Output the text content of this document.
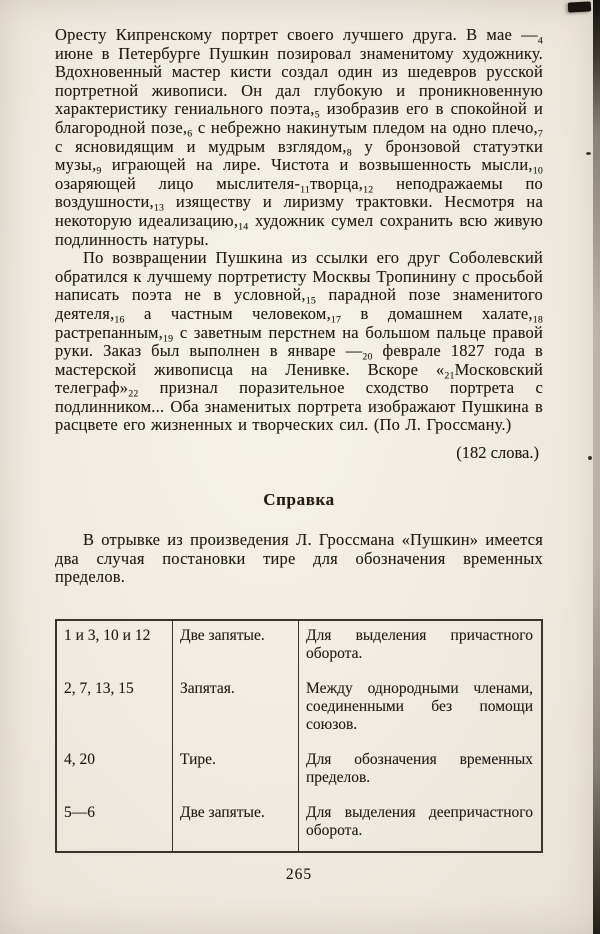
Оресту Кипренскому портрет своего лучшего друга. В мае $—_4$ июне в Петербурге Пушкин позировал знаменитому художнику. Вдохновенный мастер кисти создал один из шедевров русской портретной живописи. Он дал глубокую и проникновенную характеристику гениального $поэта,_5$ изобразив его в спокойной и благородной $позе,_6$ с небрежно накинутым пледом на одно $плечо,_7$ с ясновидящим и мудрым $взглядом,_8$ у бронзовой статуэтки $музы,_9$ играющей на лире. Чистота и возвышенность $мысли,_{10}$ озаряющей лицо мыслителя-$_{11}творца,_{12}$ неподражаемы по $воздушности,_{13}$ изяществу и лиризму трактовки. Несмотря на некоторую $идеализацию,_{14}$ художник сумел сохранить всю живую подлинность натуры.

По возвращении Пушкина из ссылки его друг Соболевский обратился к лучшему портретисту Москвы Тропинину с просьбой написать поэта не в $условной,_{15}$ парадной позе знаменитого $деятеля,_{16}$ а частным $человеком,_{17}$ в домашнем $халате,_{18}$ $растрепанным,_{19}$ с заветным перстнем на большом пальце правой руки. Заказ был выполнен в январе $—_{20}$ феврале 1827 года в мастерской живописца на Ленивке. Вскоре «$_{21}Московский$ $телеграф»_{22}$ признал поразительное сходство портрета с подлинником... Оба знаменитых портрета изображают Пушкина в расцвете его жизненных и творческих сил. (По Л. Гроссману.)

(182 слова.)

Справка

В отрывке из произведения Л. Гроссмана «Пушкин» имеется два случая постановки тире для обозначения временных пределов.

1 и 3, 10 и 12	Две запятые.	Для выделения причастного оборота.
2, 7, 13, 15	Запятая.	Между однородными членами, соединенными без помощи союзов.
4, 20	Тире.	Для обозначения временных пределов.
5—6	Две запятые.	Для выделения деепричастного оборота.
265
